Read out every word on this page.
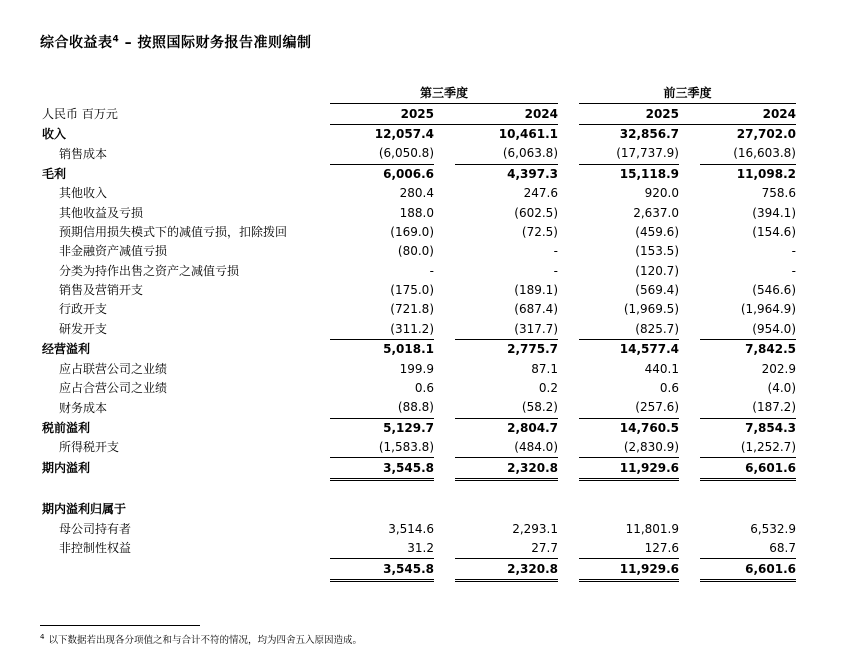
综合收益表$^4$ – 按照国际财务报告准则编制
	第三季度				前三季度		
人民币 百万元	2025		2024		2025		2024
收入	12,057.4		10,461.1		32,856.7		27,702.0
销售成本	(6,050.8)		(6,063.8)		(17,737.9)		(16,603.8)
毛利	6,006.6		4,397.3		15,118.9		11,098.2
其他收入	280.4		247.6		920.0		758.6
其他收益及亏损	188.0		(602.5)		2,637.0		(394.1)
预期信用损失模式下的减值亏损，扣除拨回	(169.0)		(72.5)		(459.6)		(154.6)
非金融资产减值亏损	(80.0)		-		(153.5)		-
分类为持作出售之资产之减值亏损	-		-		(120.7)		-
销售及营销开支	(175.0)		(189.1)		(569.4)		(546.6)
行政开支	(721.8)		(687.4)		(1,969.5)		(1,964.9)
研发开支	(311.2)		(317.7)		(825.7)		(954.0)
经营溢利	5,018.1		2,775.7		14,577.4		7,842.5
应占联营公司之业绩	199.9		87.1		440.1		202.9
应占合营公司之业绩	0.6		0.2		0.6		(4.0)
财务成本	(88.8)		(58.2)		(257.6)		(187.2)
税前溢利	5,129.7		2,804.7		14,760.5		7,854.3
所得税开支	(1,583.8)		(484.0)		(2,830.9)		(1,252.7)
期内溢利	3,545.8		2,320.8		11,929.6		6,601.6

期内溢利归属于							
母公司持有者	3,514.6		2,293.1		11,801.9		6,532.9
非控制性权益	31.2		27.7		127.6		68.7
	3,545.8		2,320.8		11,929.6		6,601.6
$^4$ 以下数据若出现各分项值之和与合计不符的情况，均为四舍五入原因造成。
